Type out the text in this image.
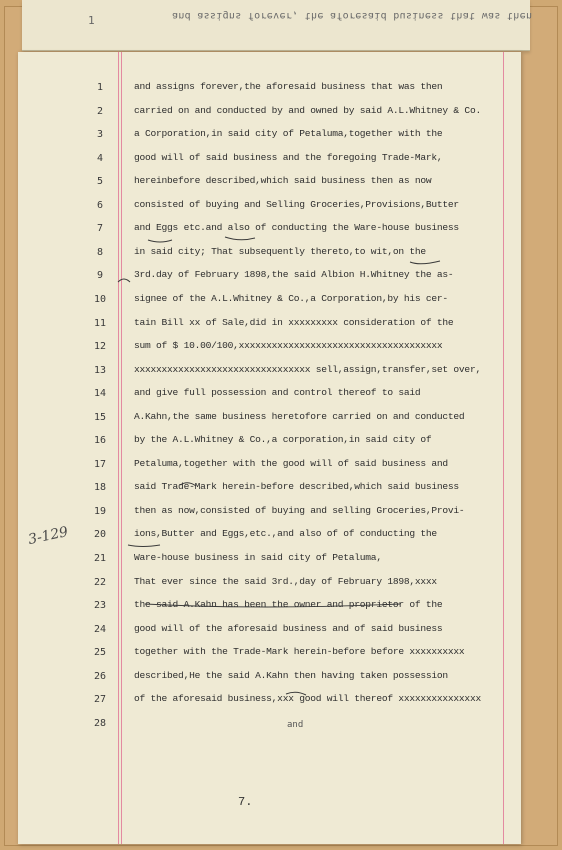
1	and assigns forever, the aforesaid business that was then
1	and assigns forever,the aforesaid business that was then
2	carried on and conducted by and owned by said A.L.Whitney & Co.
3	a Corporation,in said city of Petaluma,together with the
4	good will of said business and the foregoing Trade-Mark,
5	hereinbefore described,which said business then as now
6	consisted of buying and Selling Groceries,Provisions,Butter
7	and Eggs etc.and also of conducting the Ware-house business
8	in said city; That subsequently thereto,to wit,on the
9	3rd.day of February 1898,the said Albion H.Whitney the as-
10	signee of the A.L.Whitney & Co.,a Corporation,by his cer-
11	tain Bill xx of Sale,did in xxxxxxxxx consideration of the
12	sum of $ 10.00/100,xxxxxxxxxxxxxxxxxxxxxxxxxxxxxxxxxxxxx
13	xxxxxxxxxxxxxxxxxxxxxxxxxxxxxxxx sell,assign,transfer,set over,
14	and give full possession and control thereof to said
15	A.Kahn,the same business heretofore carried on and conducted
16	by the A.L.Whitney & Co.,a corporation,in said city of
17	Petaluma,together with the good will of said business and
18	said Trade-Mark herein-before described,which said business
19	then as now,consisted of buying and selling Groceries,Provi-
20	ions,Butter and Eggs,etc.,and also of of conducting the
21	Ware-house business in said city of Petaluma,
22	That ever since the said 3rd.,day of February 1898,xxxx
23	the said A.Kahn has been the owner and proprietor of the
24	good will of the aforesaid business and of said business
25	together with the Trade-Mark herein-before before xxxxxxxxxx
26	described,He the said A.Kahn then having taken possession
27	of the aforesaid business,xxx good will thereof xxxxxxxxxxxxxxx
28	and
3-129
7.
